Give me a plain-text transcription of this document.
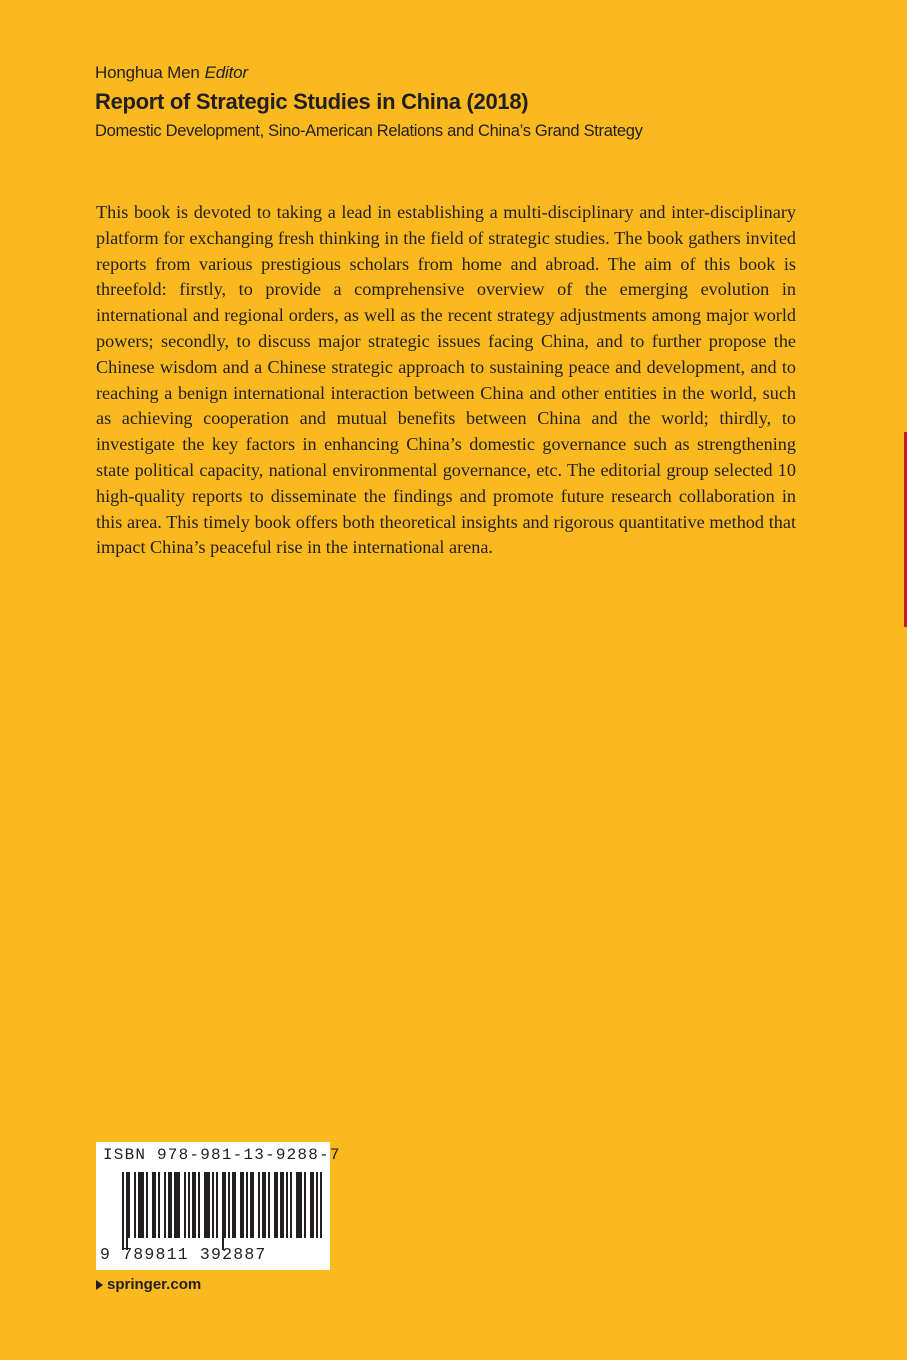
Honghua Men Editor
Report of Strategic Studies in China (2018)
Domestic Development, Sino-American Relations and China’s Grand Strategy

This book is devoted to taking a lead in establishing a multi-disciplinary and inter-disciplinary platform for exchanging fresh thinking in the field of strategic studies. The book gathers invited reports from various prestigious scholars from home and abroad. The aim of this book is threefold: firstly, to provide a comprehensive overview of the emerging evolution in international and regional orders, as well as the recent strategy adjustments among major world powers; secondly, to discuss major strategic issues facing China, and to further propose the Chinese wisdom and a Chinese strategic approach to sustaining peace and development, and to reaching a benign international interaction between China and other entities in the world, such as achieving cooperation and mutual benefits between China and the world; thirdly, to investigate the key factors in enhancing China’s domestic governance such as strengthening state political capacity, national environmental governance, etc. The editorial group selected 10 high-quality reports to disseminate the findings and promote future research collaboration in this area. This timely book offers both theoretical insights and rigorous quantitative method that impact China’s peaceful rise in the international arena.

ISBN 978-981-13-9288-7
9 789811 392887
springer.com
